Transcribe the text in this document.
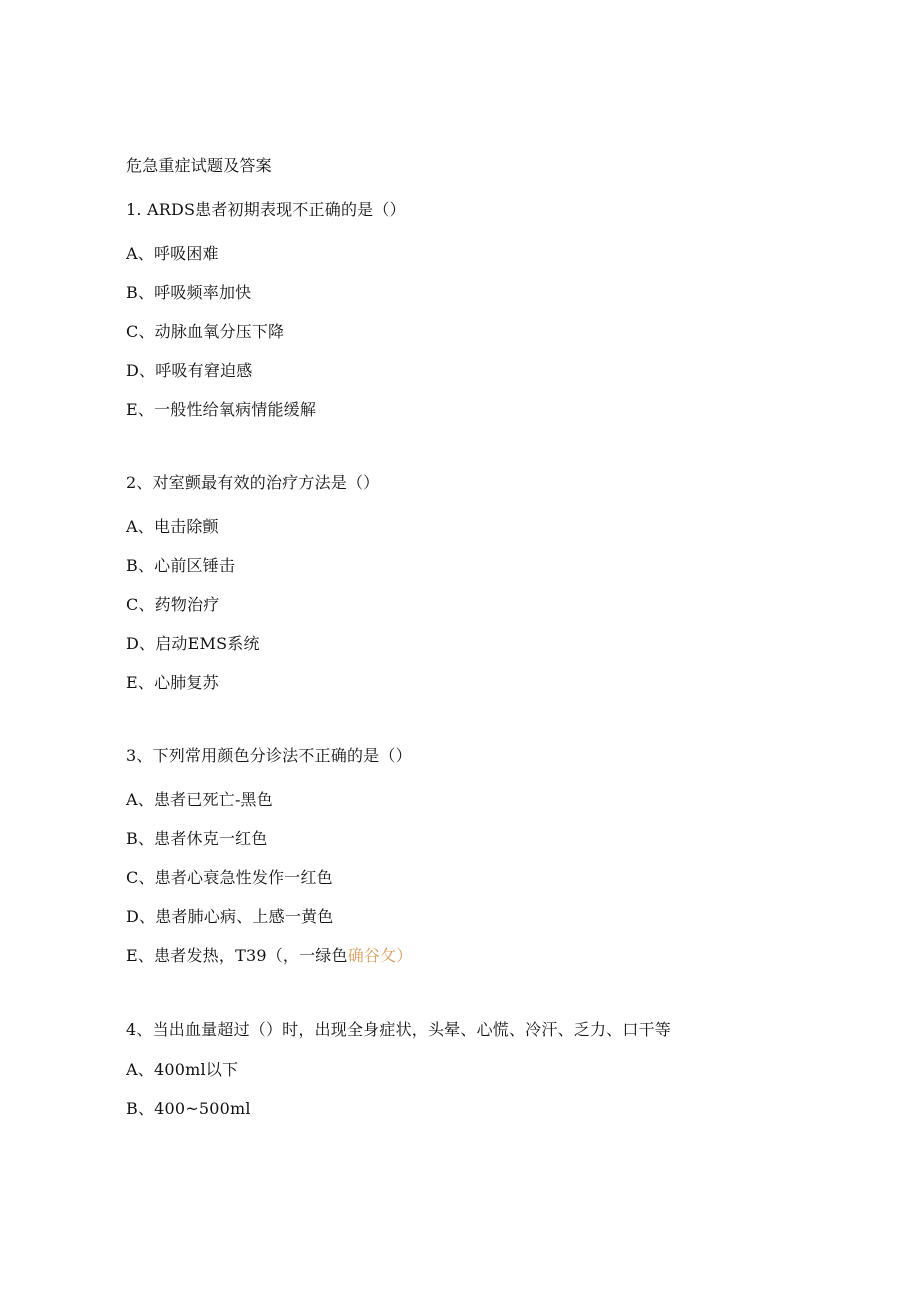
危急重症试题及答案
1. ARDS患者初期表现不正确的是（）
A、呼吸困难
B、呼吸频率加快
C、动脉血氧分压下降
D、呼吸有窘迫感
E、一般性给氧病情能缓解
2、对室颤最有效的治疗方法是（）
A、电击除颤
B、心前区锤击
C、药物治疗
D、启动EMS系统
E、心肺复苏
3、下列常用颜色分诊法不正确的是（）
A、患者已死亡-黑色
B、患者休克一红色
C、患者心衰急性发作一红色
D、患者肺心病、上感一黄色
E、患者发热，T39（，一绿色确谷攵）
4、当出血量超过（）时，出现全身症状，头晕、心慌、冷汗、乏力、口干等
A、400ml以下
B、400~500ml
